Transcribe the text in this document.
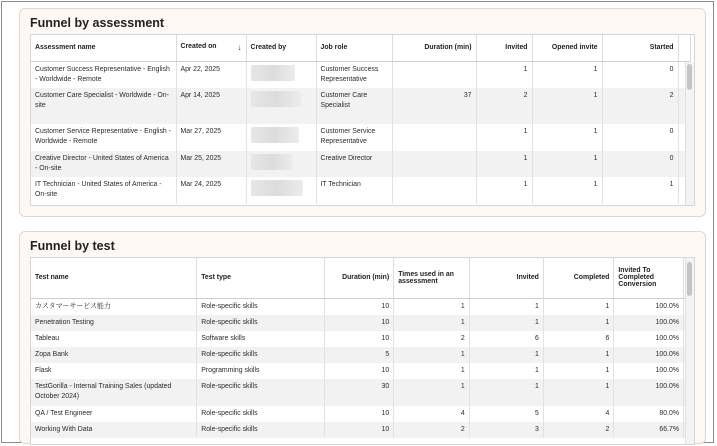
Funnel by assessment
Assessment name	Created on ↓	Created by	Job role	Duration (min)	Invited	Opened invite	Started	
Customer Success Representative - English - Worldwide - Remote	Apr 22, 2025		Customer Success Representative		1	1	0	
Customer Care Specialist - Worldwide - On-site	Apr 14, 2025		Customer Care Specialist	37	2	1	2	
Customer Service Representative - English - Worldwide - Remote	Mar 27, 2025		Customer Service Representative		1	1	0	
Creative Director - United States of America - On-site	Mar 25, 2025		Creative Director		1	1	0	
IT Technician - United States of America - On-site	Mar 24, 2025		IT Technician		1	1	1	
Funnel by test
Test name	Test type	Duration (min)	Times used in an assessment	Invited	Completed	Invited To Completed Conversion	
カスタマーサービス能力	Role-specific skills	10	1	1	1	100.0%	
Penetration Testing	Role-specific skills	10	1	1	1	100.0%	
Tableau	Software skills	10	2	6	6	100.0%	
Zopa Bank	Role-specific skills	5	1	1	1	100.0%	
Flask	Programming skills	10	1	1	1	100.0%	
TestGorilla - Internal Training Sales (updated October 2024)	Role-specific skills	30	1	1	1	100.0%	
QA / Test Engineer	Role-specific skills	10	4	5	4	80.0%	
Working With Data	Role-specific skills	10	2	3	2	66.7%	
